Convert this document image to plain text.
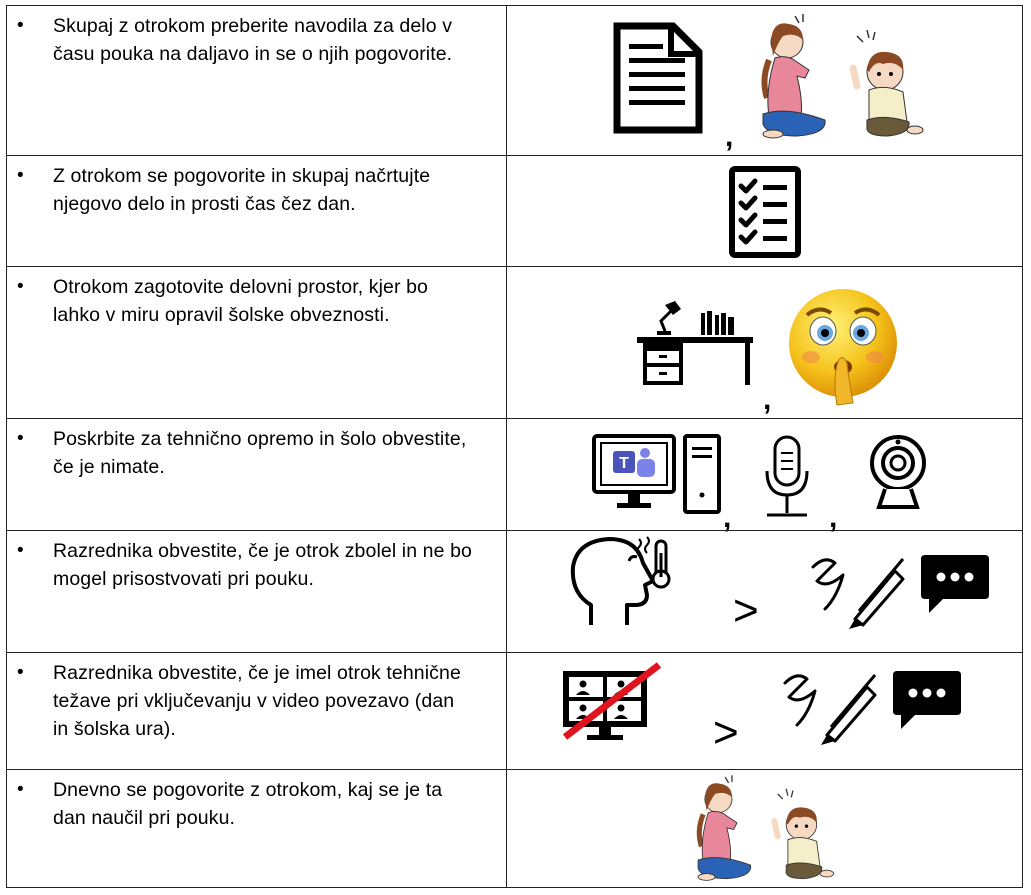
• Skupaj z otrokom preberite navodila za delo v
času pouka na daljavo in se o njih pogovorite.
,
• Z otrokom se pogovorite in skupaj načrtujte
njegovo delo in prosti čas čez dan.
• Otrokom zagotovite delovni prostor, kjer bo
lahko v miru opravil šolske obveznosti.
,
• Poskrbite za tehnično opremo in šolo obvestite,
če je nimate.	T
,	,
• Razrednika obvestite, če je otrok zbolel in ne bo
mogel prisostvovati pri pouku.
>
• Razrednika obvestite, če je imel otrok tehnične
težave pri vključevanju v video povezavo (dan
in šolska ura).	>
• Dnevno se pogovorite z otrokom, kaj se je ta
dan naučil pri pouku.
